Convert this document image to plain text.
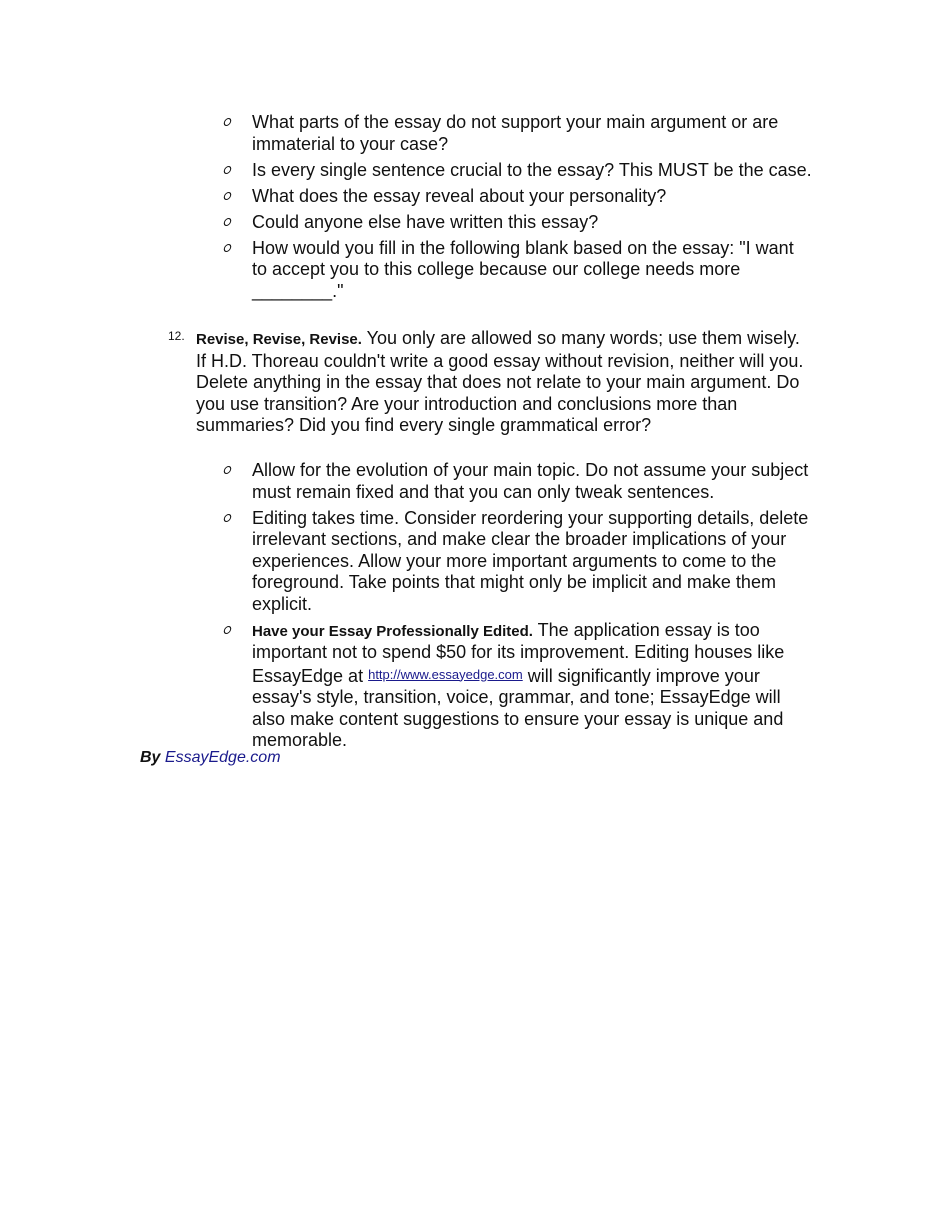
What parts of the essay do not support your main argument or are immaterial to your case?
Is every single sentence crucial to the essay? This MUST be the case.
What does the essay reveal about your personality?
Could anyone else have written this essay?
How would you fill in the following blank based on the essay: "I want to accept you to this college because our college needs more ________."
12. Revise, Revise, Revise. You only are allowed so many words; use them wisely. If H.D. Thoreau couldn't write a good essay without revision, neither will you. Delete anything in the essay that does not relate to your main argument. Do you use transition? Are your introduction and conclusions more than summaries? Did you find every single grammatical error?
Allow for the evolution of your main topic. Do not assume your subject must remain fixed and that you can only tweak sentences.
Editing takes time. Consider reordering your supporting details, delete irrelevant sections, and make clear the broader implications of your experiences. Allow your more important arguments to come to the foreground. Take points that might only be implicit and make them explicit.
Have your Essay Professionally Edited. The application essay is too important not to spend $50 for its improvement. Editing houses like EssayEdge at http://www.essayedge.com will significantly improve your essay's style, transition, voice, grammar, and tone; EssayEdge will also make content suggestions to ensure your essay is unique and memorable.
By EssayEdge.com
